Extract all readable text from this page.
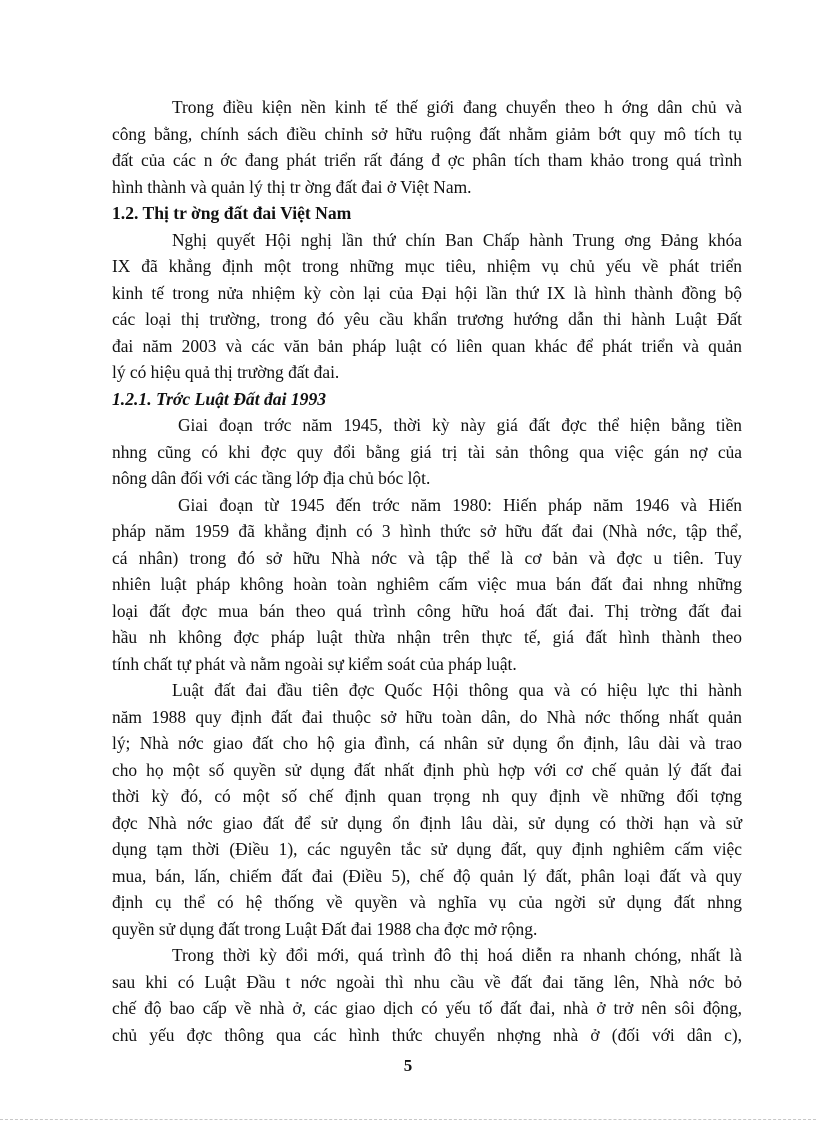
Trong điều kiện nền kinh tế thế giới đang chuyển theo h ớng dân chủ và
công bằng, chính sách điều chỉnh sở hữu ruộng đất nhằm giảm bớt quy mô tích tụ
đất của các n ớc đang phát triển rất đáng đ ợc phân tích tham khảo trong quá trình
hình thành và quản lý thị tr ờng đất đai ở Việt Nam.

1.2. Thị tr ờng đất đai Việt Nam

Nghị quyết Hội nghị lần thứ chín Ban Chấp hành Trung ơng Đảng khóa
IX đã khẳng định một trong những mục tiêu, nhiệm vụ chủ yếu về phát triển
kinh tế trong nửa nhiệm kỳ còn lại của Đại hội lần thứ IX là hình thành đồng bộ
các loại thị trường, trong đó yêu cầu khẩn trương hướng dẫn thi hành Luật Đất
đai năm 2003 và các văn bản pháp luật có liên quan khác để phát triển và quản
lý có hiệu quả thị trường đất đai.

1.2.1. Trớc Luật Đất đai 1993

Giai đoạn trớc năm 1945, thời kỳ này giá đất đợc thể hiện bằng tiền
nhng cũng có khi đợc quy đổi bằng giá trị tài sản thông qua việc gán nợ của
nông dân đối với các tầng lớp địa chủ bóc lột.

Giai đoạn từ 1945 đến trớc năm 1980: Hiến pháp năm 1946 và Hiến
pháp năm 1959 đã khẳng định có 3 hình thức sở hữu đất đai (Nhà nớc, tập thể,
cá nhân) trong đó sở hữu Nhà nớc và tập thể là cơ bản và đợc u tiên. Tuy
nhiên luật pháp không hoàn toàn nghiêm cấm việc mua bán đất đai nhng những
loại đất đợc mua bán theo quá trình công hữu hoá đất đai. Thị trờng đất đai
hầu nh không đợc pháp luật thừa nhận trên thực tế, giá đất hình thành theo
tính chất tự phát và nằm ngoài sự kiểm soát của pháp luật.

Luật đất đai đầu tiên đợc Quốc Hội thông qua và có hiệu lực thi hành
năm 1988 quy định đất đai thuộc sở hữu toàn dân, do Nhà nớc thống nhất quản
lý; Nhà nớc giao đất cho hộ gia đình, cá nhân sử dụng ổn định, lâu dài và trao
cho họ một số quyền sử dụng đất nhất định phù hợp với cơ chế quản lý đất đai
thời kỳ đó, có một số chế định quan trọng nh quy định về những đối tợng
đợc Nhà nớc giao đất để sử dụng ổn định lâu dài, sử dụng có thời hạn và sử
dụng tạm thời (Điều 1), các nguyên tắc sử dụng đất, quy định nghiêm cấm việc
mua, bán, lấn, chiếm đất đai (Điều 5), chế độ quản lý đất, phân loại đất và quy
định cụ thể có hệ thống về quyền và nghĩa vụ của ngời sử dụng đất nhng
quyền sử dụng đất trong Luật Đất đai 1988 cha đợc mở rộng.

Trong thời kỳ đổi mới, quá trình đô thị hoá diễn ra nhanh chóng, nhất là
sau khi có Luật Đầu t nớc ngoài thì nhu cầu về đất đai tăng lên, Nhà nớc bỏ
chế độ bao cấp về nhà ở, các giao dịch có yếu tố đất đai, nhà ở trở nên sôi động,
chủ yếu đợc thông qua các hình thức chuyển nhợng nhà ở (đối với dân c),

5
